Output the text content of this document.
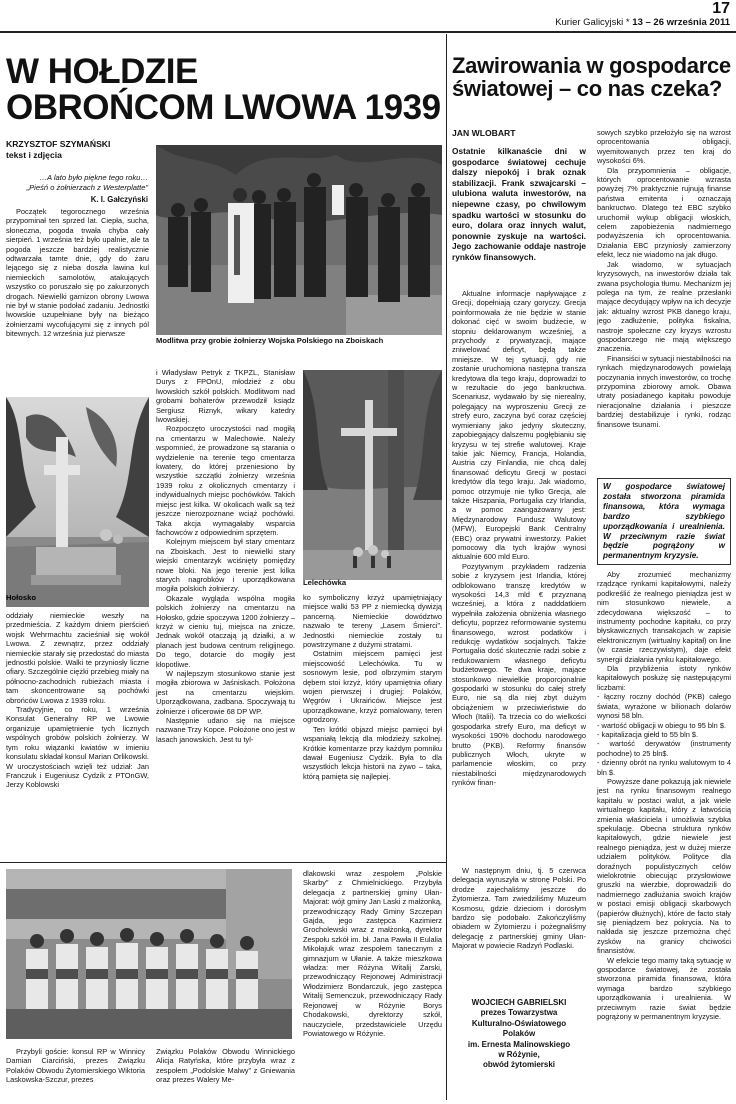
17
Kurier Galicyjski * 13 – 26 września 2011
W HOŁDZIE
OBROŃCOM LWOWA 1939
KRZYSZTOF SZYMAŃSKI
tekst i zdjęcia
…A lato było piękne tego roku…
„Pieśń o żołnierzach z Westerplatte”
K. I. Gałczyński

Początek tegorocznego września przypominał ten sprzed lat. Ciepła, sucha, słoneczna, pogoda trwała chyba cały sierpień. 1 września też było upalnie, ale ta pogoda jeszcze bardziej realistycznie odtwarzała tamte dnie, gdy do żaru lejącego się z nieba doszła lawina kul niemieckich samolotów, atakujących wszystko co poruszało się po zakurzonych drogach. Niewielki garnizon obrony Lwowa nie był w stanie podołać zadaniu. Jednostki lwowskie uzupełniane były na bieżąco żołnierzami wycofującymi się z innych pól bitewnych. 12 września już pierwsze

Hołosko

oddziały niemieckie weszły na przedmieścia. Z każdym dniem pierścień wojsk Wehrmachtu zacieśniał się wokół Lwowa. Z zewnątrz, przez oddziały niemieckie starały się przedostać do miasta jednostki polskie. Walki te przyniosły liczne ofiary. Szczególnie ciężki przebieg miały na północno-zachodnich rubieżach miasta i tam skoncentrowane są pochówki obrońców Lwowa z 1939 roku.

Tradycyjnie, co roku, 1 września Konsulat Generalny RP we Lwowie organizuje upamiętnienie tych licznych wspólnych grobów polskich żołnierzy. W tym roku wiązanki kwiatów w imieniu konsulatu składał konsul Marian Orlikowski. W uroczystościach wzięli też udział: Jan Franczuk i Eugeniusz Cydzik z PTOnGW, Jerzy Koblowski

Modlitwa przy grobie żołnierzy Wojska Polskiego na Zboiskach

i Władysław Petryk z TKPZL, Stanisław Durys z FPOnU, młodzież z obu lwowskich szkół polskich. Modlitwom nad grobami bohaterów przewodził ksiądz Sergiusz Riznyk, wikary katedry lwowskiej.

Rozpoczęto uroczystości nad mogiłą na cmentarzu w Malechowie. Należy wspomnieć, że prowadzone są starania o wydzielenie na terenie tego cmentarza kwatery, do której przeniesiono by wszystkie szczątki żołnierzy września 1939 roku z okolicznych cmentarzy i indywidualnych miejsc pochówków. Takich miejsc jest kilka. W okolicach walk są też jeszcze nierozpoznane wciąż pochówki. Taka akcja wymagałaby wsparcia fachowców z odpowiednim sprzętem.

Kolejnym miejscem był stary cmentarz na Zboiskach. Jest to niewielki stary wiejski cmentarzyk wciśnięty pomiędzy nowe bloki. Na jego terenie jest kilka starych nagrobków i uporządkowana mogiła polskich żołnierzy.

Okazale wygląda wspólna mogiła polskich żołnierzy na cmentarzu na Hołosko, gdzie spoczywa 1200 żołnierzy – krzyż w cieniu tuj, miejsca na znicze. Jednak wokół otaczają ją działki, a w planach jest budowa centrum religijnego. Do tego, dotarcie do mogiły jest kłopotliwe.

W najlepszym stosunkowo stanie jest mogiła zbiorowa w Jaśniskach. Położona jest na cmentarzu wiejskim. Uporządkowana, zadbana. Spoczywają tu żołnierze i oficerowie 68 DP WP.

Następnie udano się na miejsce nazwane Trzy Kopce. Położone ono jest w lasach janowskich. Jest tu tyl-

Lelechówka

ko symboliczny krzyż upamiętniający miejsce walki 53 PP z niemiecką dywizją pancerną. Niemieckie dowództwo nazwało te tereny „Lasem Śmierci”. Jednostki niemieckie zostały tu powstrzymane z dużymi stratami.

Ostatnim miejscem pamięci jest miejscowość Lelechówka. Tu w sosnowym lesie, pod olbrzymim starym dębem stoi krzyż, który upamiętnia ofiary wojen pierwszej i drugiej: Polaków, Węgrów i Ukraińców. Miejsce jest uporządkowane, krzyż pomalowany, teren ogrodzony.

Ten krótki objazd miejsc pamięci był wspaniałą lekcją dla młodzieży szkolnej. Krótkie komentarze przy każdym pomniku dawał Eugeniusz Cydzik. Była to dla wszystkich lekcja historii na żywo – taka, którą pamięta się najlepiej.

Przybyli goście: konsul RP w Winnicy Damian Ciarciński, prezes Związku Polaków Obwodu Żytomierskiego Wiktoria Laskowska-Szczur, prezes

Związku Polaków Obwodu Winnickiego Alicja Ratyńska, które przybyła wraz z zespołem „Podolskie Malwy” z Gniewania oraz prezes Walery Me-

dlakowski wraz zespołem „Polskie Skarby” z Chmielnickiego. Przybyła delegacja z partnerskiej gminy Ułan-Majorat: wójt gminy Jan Laski z małżonką, przewodniczący Rady Gminy Szczepan Gajda, jego zastępca Kazimierz Grocholewski wraz z małżonką, dyrektor Zespołu szkół im. bł. Jana Pawła II Eulalia Mikołajuk wraz zespołem tanecznym z gimnazjum w Ułanie. A także mieszkowa władza: mer Różyna Witalij Żarski, przewodniczący Rejonowej Administracji Włodzimierz Bondarczuk, jego zastępca Witalij Semenczuk, przewodniczący Rady Rejonowej w Różynie Borys Chodakowski, dyrektorzy szkół, nauczyciele, przedstawiciele Urzędu Powiatowego w Różynie.

Zawirowania w gospodarce światowej – co nas czeka?
JAN WLOBART
Ostatnie kilkanaście dni w gospodarce światowej cechuje dalszy niepokój i brak oznak stabilizacji. Frank szwajcarski – ulubiona waluta inwestorów, na niepewne czasy, po chwilowym spadku wartości w stosunku do euro, dolara oraz innych walut, ponownie zyskuje na wartości. Jego zachowanie oddaje nastroje rynków finansowych.

Aktualne informacje napływające z Grecji, dopełniają czary goryczy. Grecja poinformowała że nie będzie w stanie dokonać cięć w swoim budżecie, w stopniu deklarowanym wcześniej, a przychody z prywatyzacji, mające zniwelować deficyt, będą także mniejsze. W tej sytuacji, gdy nie zostanie uruchomiona następna transza kredytowa dla tego kraju, doprowadzi to w rezultacie do jego bankructwa. Scenariusz, wydawało by się nierealny, polegający na wyproszeniu Grecji ze strefy euro, zaczyna być coraz częściej wymieniany jako jedyny skuteczny, zapobiegający dalszemu pogłębianiu się kryzysu w tej strefie walutowej. Kraje takie jak: Niemcy, Francja, Holandia, Austria czy Finlandia, nie chcą dalej finansować deficytu Grecji w postaci kredytów dla tego kraju. Jak wiadomo, pomoc otrzymuje nie tylko Grecja, ale także Hiszpania, Portugalia czy Irlandia, a w pomoc zaangażowany jest: Międzynarodowy Fundusz Walutowy (MFW), Europejski Bank Centralny (EBC) oraz prywatni inwestorzy. Pakiet pomocowy dla tych krajów wynosi aktualnie 600 mld Euro.

Pozytywnym przykładem radzenia sobie z kryzysem jest Irlandia, której odblokowano transzę kredytów w wysokości 14,3 mld € przyznaną wcześniej, a która z nadddatkiem wypełniła założenia obniżenia własnego deficytu, poprzez reformowanie systemu finansowego, wzrost podatków i redukcję wydatków socjalnych. Także Portugalia dość skutecznie radzi sobie z redukowaniem własnego deficytu budżetowego. Te dwa kraje, mające stosunkowo niewielkie proporcjonalnie gospodarki w stosunku do całej strefy Euro, nie są dla niej zbyt dużym obciążeniem w przeciwieństwie do Włoch (Italii). Ta trzecia co do wielkości gospodarka strefy Euro, ma deficyt w wysokości 190% dochodu narodowego brutto (PKB). Reformy finansów publicznych Włoch, ukryte w parlamencie włoskim, co przy niestabilności międzynarodowych rynków finan-

W następnym dniu, tj. 5 czerwca delegacja wyruszyła w stronę Polski. Po drodze zajechaliśmy jeszcze do Żytomierza. Tam zwiedziliśmy Muzeum Kosmosu, gdzie dzieciom i dorosłym bardzo się podobało. Zakończyliśmy obiadem w Żytomierzu i pożegnaliśmy delegację z partnerskiej gminy Ułan-Majorat w powiecie Radzyń Podlaski.

WOJCIECH GABRIELSKI
prezes Towarzystwa
Kulturalno-Oświatowego
Polaków
im. Ernesta Malinowskiego
w Różynie,
obwód żytomierski

sowych szybko przełożyło się na wzrost oprocentowania obligacji, wyemitowanych przez ten kraj do wysokości 6%.

Dla przypomnienia – obligacje, których oprocentowanie wzrasta powyżej 7% praktycznie rujnują finanse państwa emitenta i oznaczają bankructwo. Dlatego też EBC szybko uruchomił wykup obligacji włoskich, celem zapobieżenia nadmiernego podwyższenia ich oprocentowania. Działania EBC przyniosły zamierzony efekt, lecz nie wiadomo na jak długo.

Jak wiadomo, w sytuacjach kryzysowych, na inwestorów działa tak zwana psychologia tłumu. Mechanizm jej polega na tym, że realne przesłanki mające decydujący wpływ na ich decyzje jak: aktualny wzrost PKB danego kraju, jego zadłużenie, polityka fiskalna, nastroje społeczne czy kryzys wzrostu gospodarczego nie mają większego znaczenia.

Finansiści w sytuacji niestabilności na rynkach międzynarodowych powielają poczynania innych inwestorów, co trochę przypomina zbiorowy amok. Obawa utraty posiadanego kapitału powoduje nieracjonalne działania i pieszcze bardziej destabilizuje i rynki, rodząc finansowe tsunami.

W gospodarce światowej została stworzona piramida finansowa, która wymaga bardzo szybkiego uporządkowania i urealnienia. W przeciwnym razie świat będzie pogrążony w permanentnym kryzysie.

Aby zrozumieć mechanizmy rządzące rynkami kapitałowymi, należy podkreślić że realnego pieniądza jest w nim stosunkowo niewiele, a zdecydowana większość – to instrumenty pochodne kapitału, co przy błyskawicznych transakcjach w zapisie elektronicznym (wirtualny kapitał) on line (w czasie rzeczywistym), daje efekt synergii działania rynku kapitałowego.

Dla przybliżenia istoty rynków kapitałowych posłużę się następującymi liczbami:

- łączny roczny dochód (PKB) całego świata, wyrażone w bilionach dolarów wynosi 58 bln.

- wartość obligacji w obiegu to 95 bln $.

- kapitalizacja giełd to 55 bln $.

- wartość derywatów (instrumenty pochodne) to 25 bln$.

- dzienny obrót na rynku walutowym to 4 bln $.

Powyższe dane pokazują jak niewiele jest na rynku finansowym realnego kapitału w postaci walut, a jak wiele wirtualnego kapitału, który z łatwością zmienia właściciela i umożliwia szybka spekulację. Obecna struktura rynków kapitałowych, gdzie niewiele jest realnego pieniądza, jest w dużej mierze udziałem polityków. Polityce dla doraźnych populistycznych celów wielokrotnie obiecując przysłowiowe gruszki na wierzbie, doprowadzili do nadmiernego zadłużania swoich krajów w postaci emisji obligacji skarbowych (papierów dłużnych), które de facto stały się pieniądzem bez pokrycia. Na to nakłada się jeszcze przemożna chęć zysków na granicy chciwości finansistów.

W efekcie tego mamy taką sytuację w gospodarce światowej, że została stworzona piramida finansowa, która wymaga bardzo szybkiego uporządkowania i urealnienia. W przeciwnym razie świat będzie pogrążony w permanentnym kryzysie.
